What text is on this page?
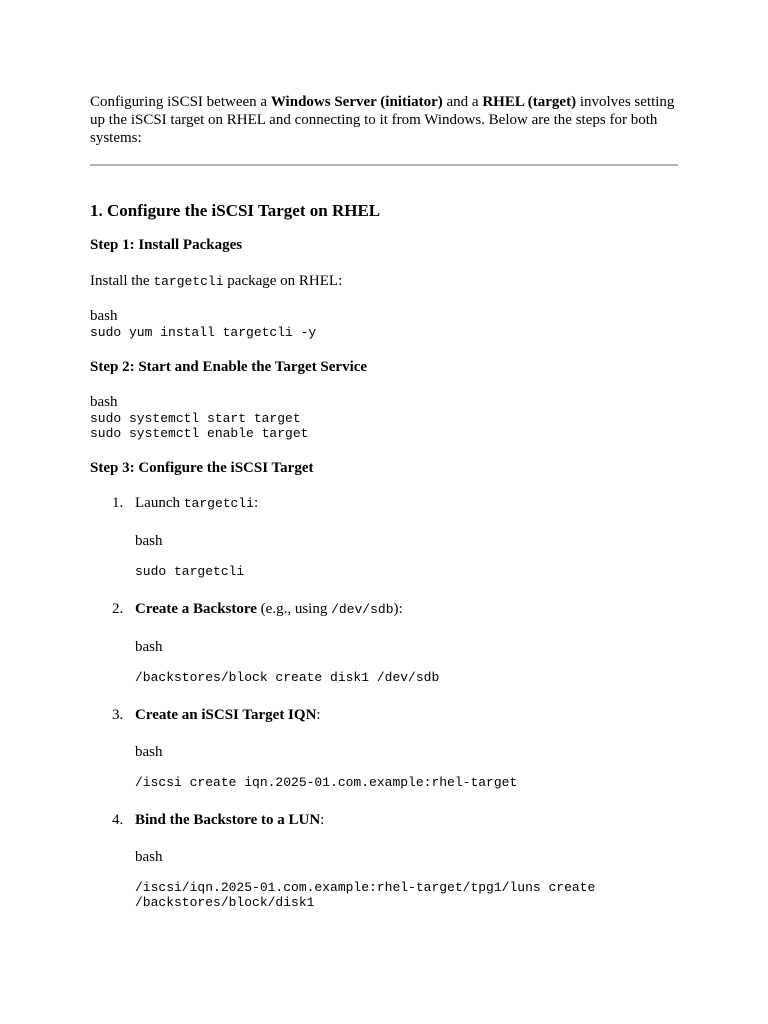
Configuring iSCSI between a Windows Server (initiator) and a RHEL (target) involves setting up the iSCSI target on RHEL and connecting to it from Windows. Below are the steps for both systems:

1. Configure the iSCSI Target on RHEL
Step 1: Install Packages

Install the targetcli package on RHEL:

bash
sudo yum install targetcli -y
Step 2: Start and Enable the Target Service
bash
sudo systemctl start target
sudo systemctl enable target
Step 3: Configure the iSCSI Target
1. Launch targetcli:
bash
sudo targetcli
2. Create a Backstore (e.g., using /dev/sdb):
bash
/backstores/block create disk1 /dev/sdb
3. Create an iSCSI Target IQN:
bash
/iscsi create iqn.2025-01.com.example:rhel-target
4. Bind the Backstore to a LUN:
bash
/iscsi/iqn.2025-01.com.example:rhel-target/tpg1/luns create
/backstores/block/disk1
